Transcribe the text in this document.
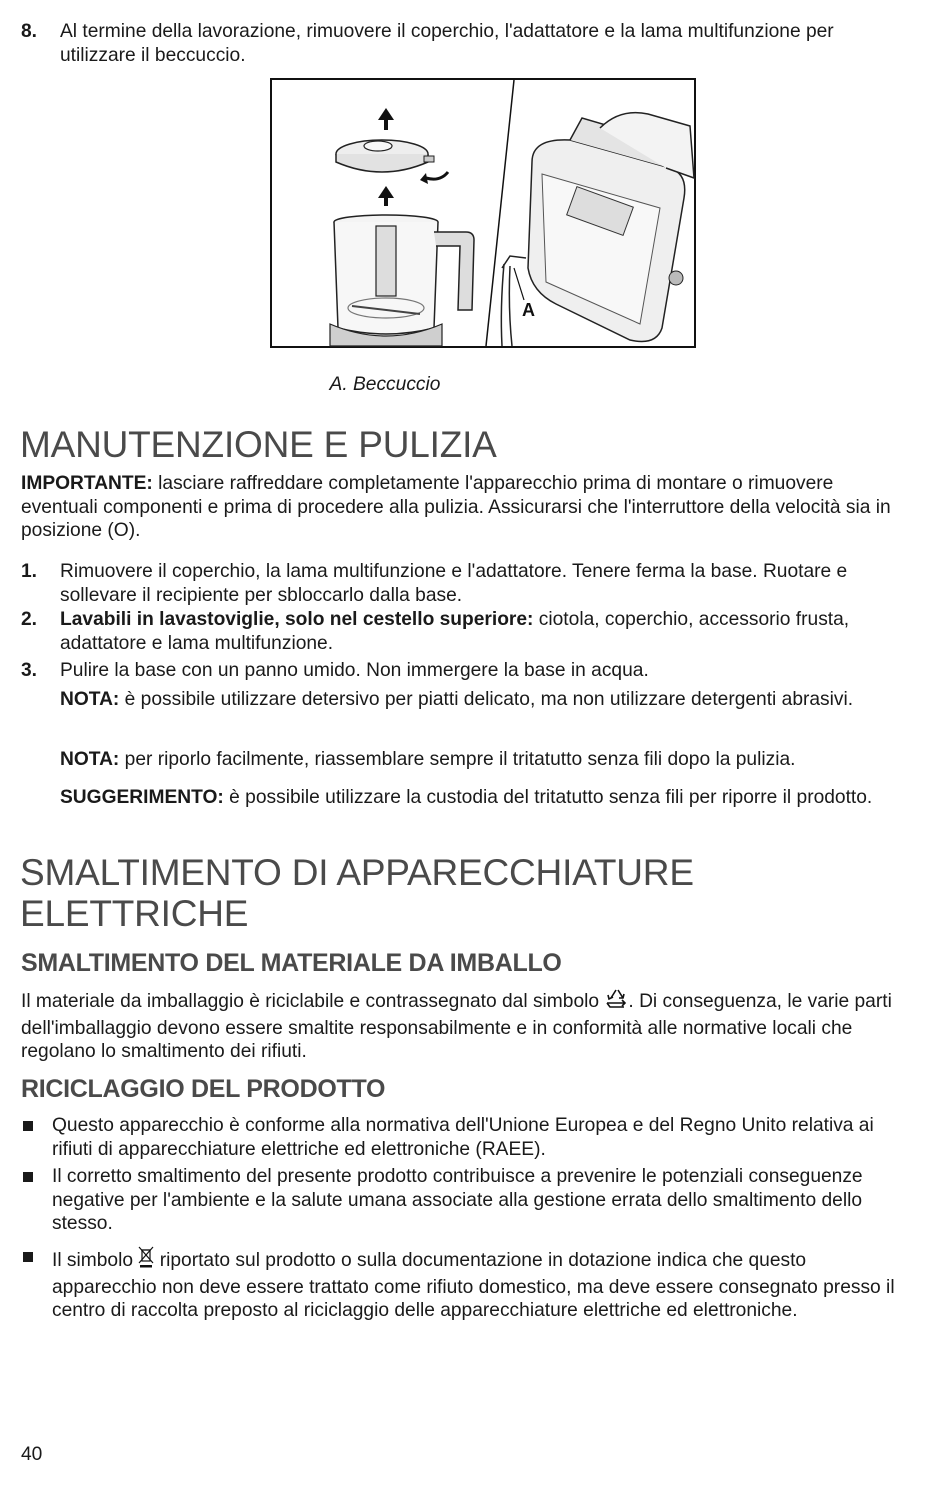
8. Al termine della lavorazione, rimuovere il coperchio, l'adattatore e la lama multifunzione per utilizzare il beccuccio.
A
A. Beccuccio
MANUTENZIONE E PULIZIA
IMPORTANTE: lasciare raffreddare completamente l'apparecchio prima di montare o rimuovere eventuali componenti e prima di procedere alla pulizia. Assicurarsi che l'interruttore della velocità sia in posizione (O).
1. Rimuovere il coperchio, la lama multifunzione e l'adattatore. Tenere ferma la base. Ruotare e sollevare il recipiente per sbloccarlo dalla base.
2. Lavabili in lavastoviglie, solo nel cestello superiore: ciotola, coperchio, accessorio frusta, adattatore e lama multifunzione.
3. Pulire la base con un panno umido. Non immergere la base in acqua.
NOTA: è possibile utilizzare detersivo per piatti delicato, ma non utilizzare detergenti abrasivi.
NOTA: per riporlo facilmente, riassemblare sempre il tritatutto senza fili dopo la pulizia.
SUGGERIMENTO: è possibile utilizzare la custodia del tritatutto senza fili per riporre il prodotto.
SMALTIMENTO DI APPARECCHIATURE
ELETTRICHE
SMALTIMENTO DEL MATERIALE DA IMBALLO
Il materiale da imballaggio è riciclabile e contrassegnato dal simbolo . Di conseguenza, le varie parti dell'imballaggio devono essere smaltite responsabilmente e in conformità alle normative locali che regolano lo smaltimento dei rifiuti.
RICICLAGGIO DEL PRODOTTO
Questo apparecchio è conforme alla normativa dell'Unione Europea e del Regno Unito relativa ai rifiuti di apparecchiature elettriche ed elettroniche (RAEE).
Il corretto smaltimento del presente prodotto contribuisce a prevenire le potenziali conseguenze negative per l'ambiente e la salute umana associate alla gestione errata dello smaltimento dello stesso.
Il simbolo  riportato sul prodotto o sulla documentazione in dotazione indica che questo apparecchio non deve essere trattato come rifiuto domestico, ma deve essere consegnato presso il centro di raccolta preposto al riciclaggio delle apparecchiature elettriche ed elettroniche.
40
